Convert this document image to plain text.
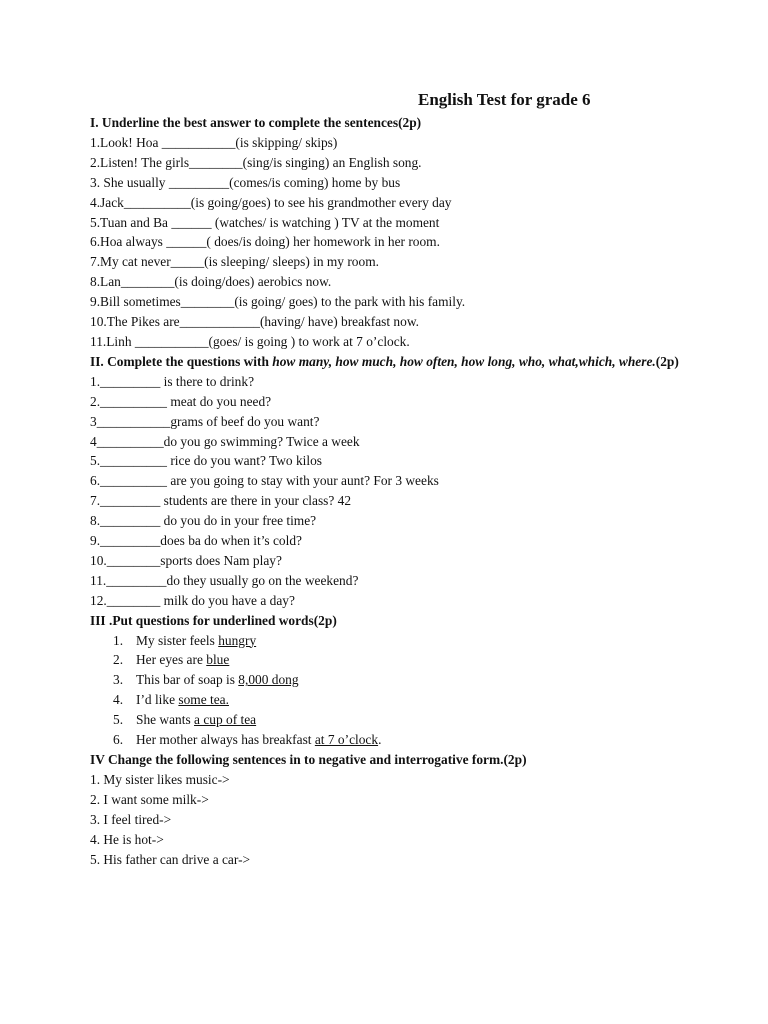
English Test for grade 6
I. Underline the best answer to complete the sentences(2p)
1.Look! Hoa ___________(is skipping/ skips)
2.Listen! The girls________(sing/is singing) an English song.
3. She usually _________(comes/is coming) home by bus
4.Jack__________(is going/goes) to see his grandmother every day
5.Tuan and Ba ______ (watches/ is watching ) TV at the moment
6.Hoa always ______( does/is doing) her homework in her room.
7.My cat never_____(is sleeping/ sleeps) in my room.
8.Lan________(is doing/does) aerobics now.
9.Bill sometimes________(is going/ goes) to the park with his family.
10.The Pikes are____________(having/ have) breakfast now.
11.Linh ___________(goes/ is going ) to work at 7 o’clock.
II. Complete the questions with how many, how much, how often, how long, who, what,which, where.(2p)
1._________ is there to drink?
2.__________ meat do you need?
3___________grams of beef do you want?
4__________do you go swimming? Twice a week
5.__________ rice do you want? Two kilos
6.__________ are you going to stay with your aunt? For 3 weeks
7._________ students are there in your class? 42
8._________ do you do in your free time?
9._________does ba do when it’s cold?
10.________sports does Nam play?
11._________do they usually go on the weekend?
12.________ milk do you have a day?
III .Put questions for underlined words(2p)
1. My sister feels hungry
2. Her eyes are blue
3. This bar of soap is 8,000 dong
4. I’d like some tea.
5. She wants a cup of tea
6. Her mother always has breakfast at 7 o’clock.
IV Change the following sentences in to negative and interrogative form.(2p)
1. My sister likes music->
2. I want some milk->
3. I feel tired->
4. He is hot->
5. His father can drive a car->
